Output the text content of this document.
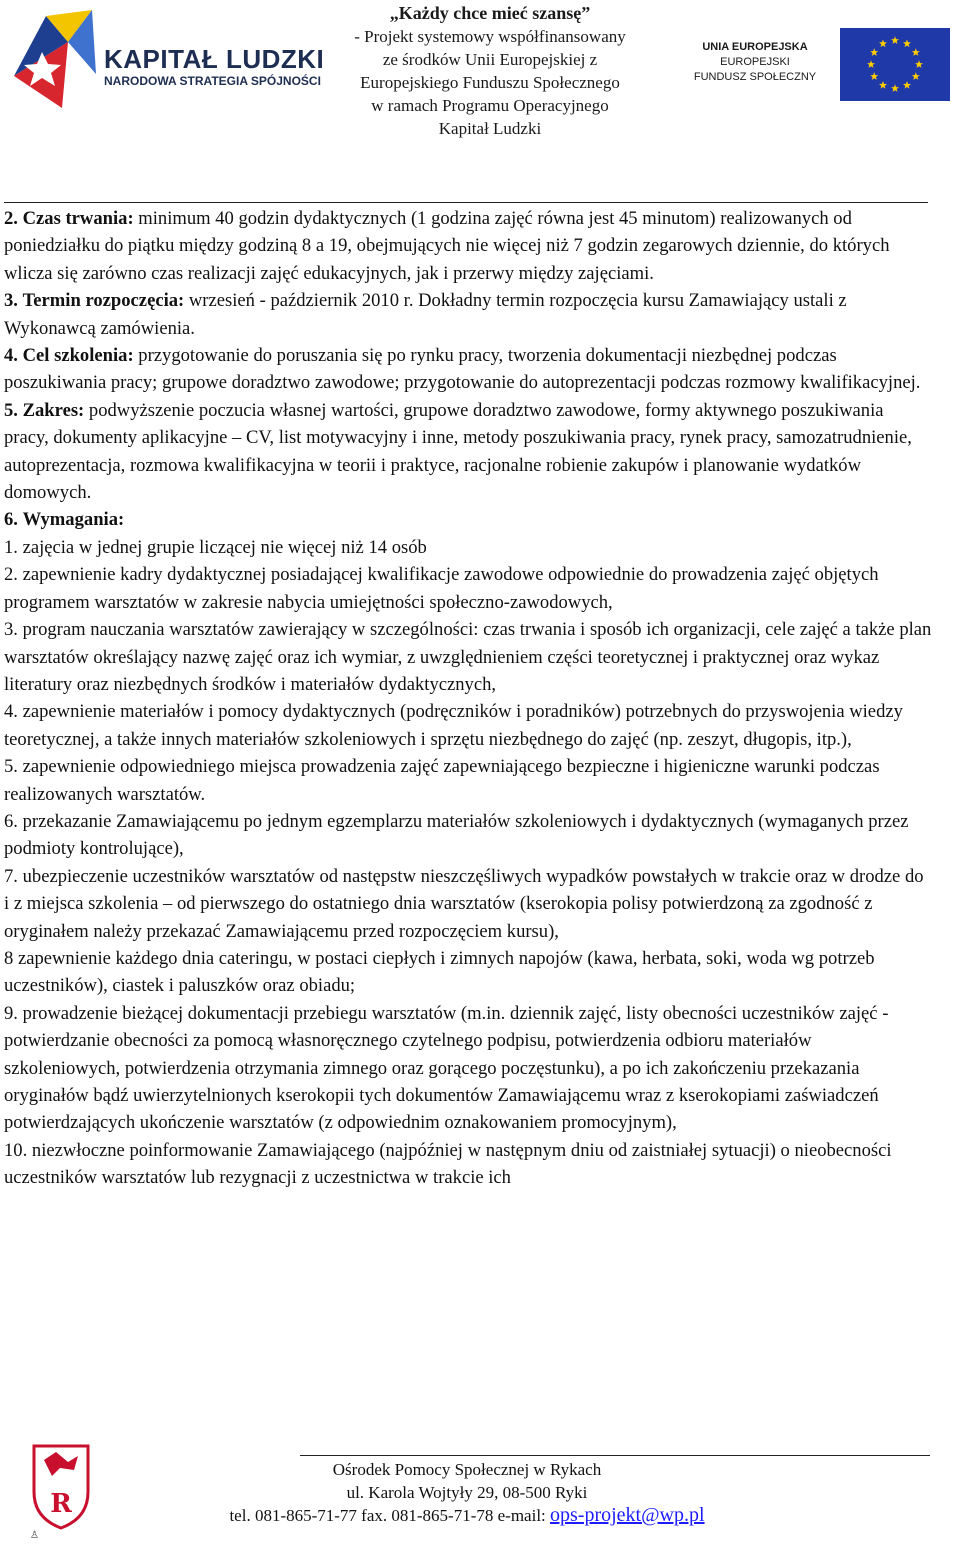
KAPITAŁ LUDZKI
NARODOWA STRATEGIA SPÓJNOŚCI
„Każdy chce mieć szansę”
- Projekt systemowy współfinansowany
ze środków Unii Europejskiej z
Europejskiego Funduszu Społecznego
w ramach Programu Operacyjnego
Kapitał Ludzki
UNIA EUROPEJSKA
EUROPEJSKI
FUNDUSZ SPOŁECZNY

2. Czas trwania: minimum 40 godzin dydaktycznych (1 godzina zajęć równa jest 45 minutom) realizowanych od poniedziałku do piątku między godziną 8 a 19, obejmujących nie więcej niż 7 godzin zegarowych dziennie, do których wlicza się zarówno czas realizacji zajęć edukacyjnych, jak i przerwy między zajęciami.

3. Termin rozpoczęcia: wrzesień - październik 2010 r. Dokładny termin rozpoczęcia kursu Zamawiający ustali z Wykonawcą zamówienia.

4. Cel szkolenia: przygotowanie do poruszania się po rynku pracy, tworzenia dokumentacji niezbędnej podczas poszukiwania pracy; grupowe doradztwo zawodowe; przygotowanie do autoprezentacji podczas rozmowy kwalifikacyjnej.

5. Zakres: podwyższenie poczucia własnej wartości, grupowe doradztwo zawodowe, formy aktywnego poszukiwania pracy, dokumenty aplikacyjne – CV, list motywacyjny i inne, metody poszukiwania pracy, rynek pracy, samozatrudnienie, autoprezentacja, rozmowa kwalifikacyjna w teorii i praktyce, racjonalne robienie zakupów i planowanie wydatków domowych.

6. Wymagania:

1. zajęcia w jednej grupie liczącej nie więcej niż 14 osób

2. zapewnienie kadry dydaktycznej posiadającej kwalifikacje zawodowe odpowiednie do prowadzenia zajęć objętych programem warsztatów w zakresie nabycia umiejętności społeczno-zawodowych,

3. program nauczania warsztatów zawierający w szczególności: czas trwania i sposób ich organizacji, cele zajęć a także plan warsztatów określający nazwę zajęć oraz ich wymiar, z uwzględnieniem części teoretycznej i praktycznej oraz wykaz literatury oraz niezbędnych środków i materiałów dydaktycznych,

4. zapewnienie materiałów i pomocy dydaktycznych (podręczników i poradników) potrzebnych do przyswojenia wiedzy teoretycznej, a także innych materiałów szkoleniowych i sprzętu niezbędnego do zajęć (np. zeszyt, długopis, itp.),

5. zapewnienie odpowiedniego miejsca prowadzenia zajęć zapewniającego bezpieczne i higieniczne warunki podczas realizowanych warsztatów.

6. przekazanie Zamawiającemu po jednym egzemplarzu materiałów szkoleniowych i dydaktycznych (wymaganych przez podmioty kontrolujące),

7. ubezpieczenie uczestników warsztatów od następstw nieszczęśliwych wypadków powstałych w trakcie oraz w drodze do i z miejsca szkolenia – od pierwszego do ostatniego dnia warsztatów (kserokopia polisy potwierdzoną za zgodność z oryginałem należy przekazać Zamawiającemu przed rozpoczęciem kursu),

8 zapewnienie każdego dnia cateringu, w postaci ciepłych i zimnych napojów (kawa, herbata, soki, woda wg potrzeb uczestników), ciastek i paluszków oraz obiadu;

9. prowadzenie bieżącej dokumentacji przebiegu warsztatów (m.in. dziennik zajęć, listy obecności uczestników zajęć - potwierdzanie obecności za pomocą własnoręcznego czytelnego podpisu, potwierdzenia odbioru materiałów szkoleniowych, potwierdzenia otrzymania zimnego oraz gorącego poczęstunku), a po ich zakończeniu przekazania oryginałów bądź uwierzytelnionych kserokopii tych dokumentów Zamawiającemu wraz z kserokopiami zaświadczeń potwierdzających ukończenie warsztatów (z odpowiednim oznakowaniem promocyjnym),

10. niezwłoczne poinformowanie Zamawiającego (najpóźniej w następnym dniu od zaistniałej sytuacji) o nieobecności uczestników warsztatów lub rezygnacji z uczestnictwa w trakcie ich

R
♙
Ośrodek Pomocy Społecznej w Rykach
ul. Karola Wojtyły 29, 08-500 Ryki
tel. 081-865-71-77 fax. 081-865-71-78 e-mail: ops-projekt@wp.pl
